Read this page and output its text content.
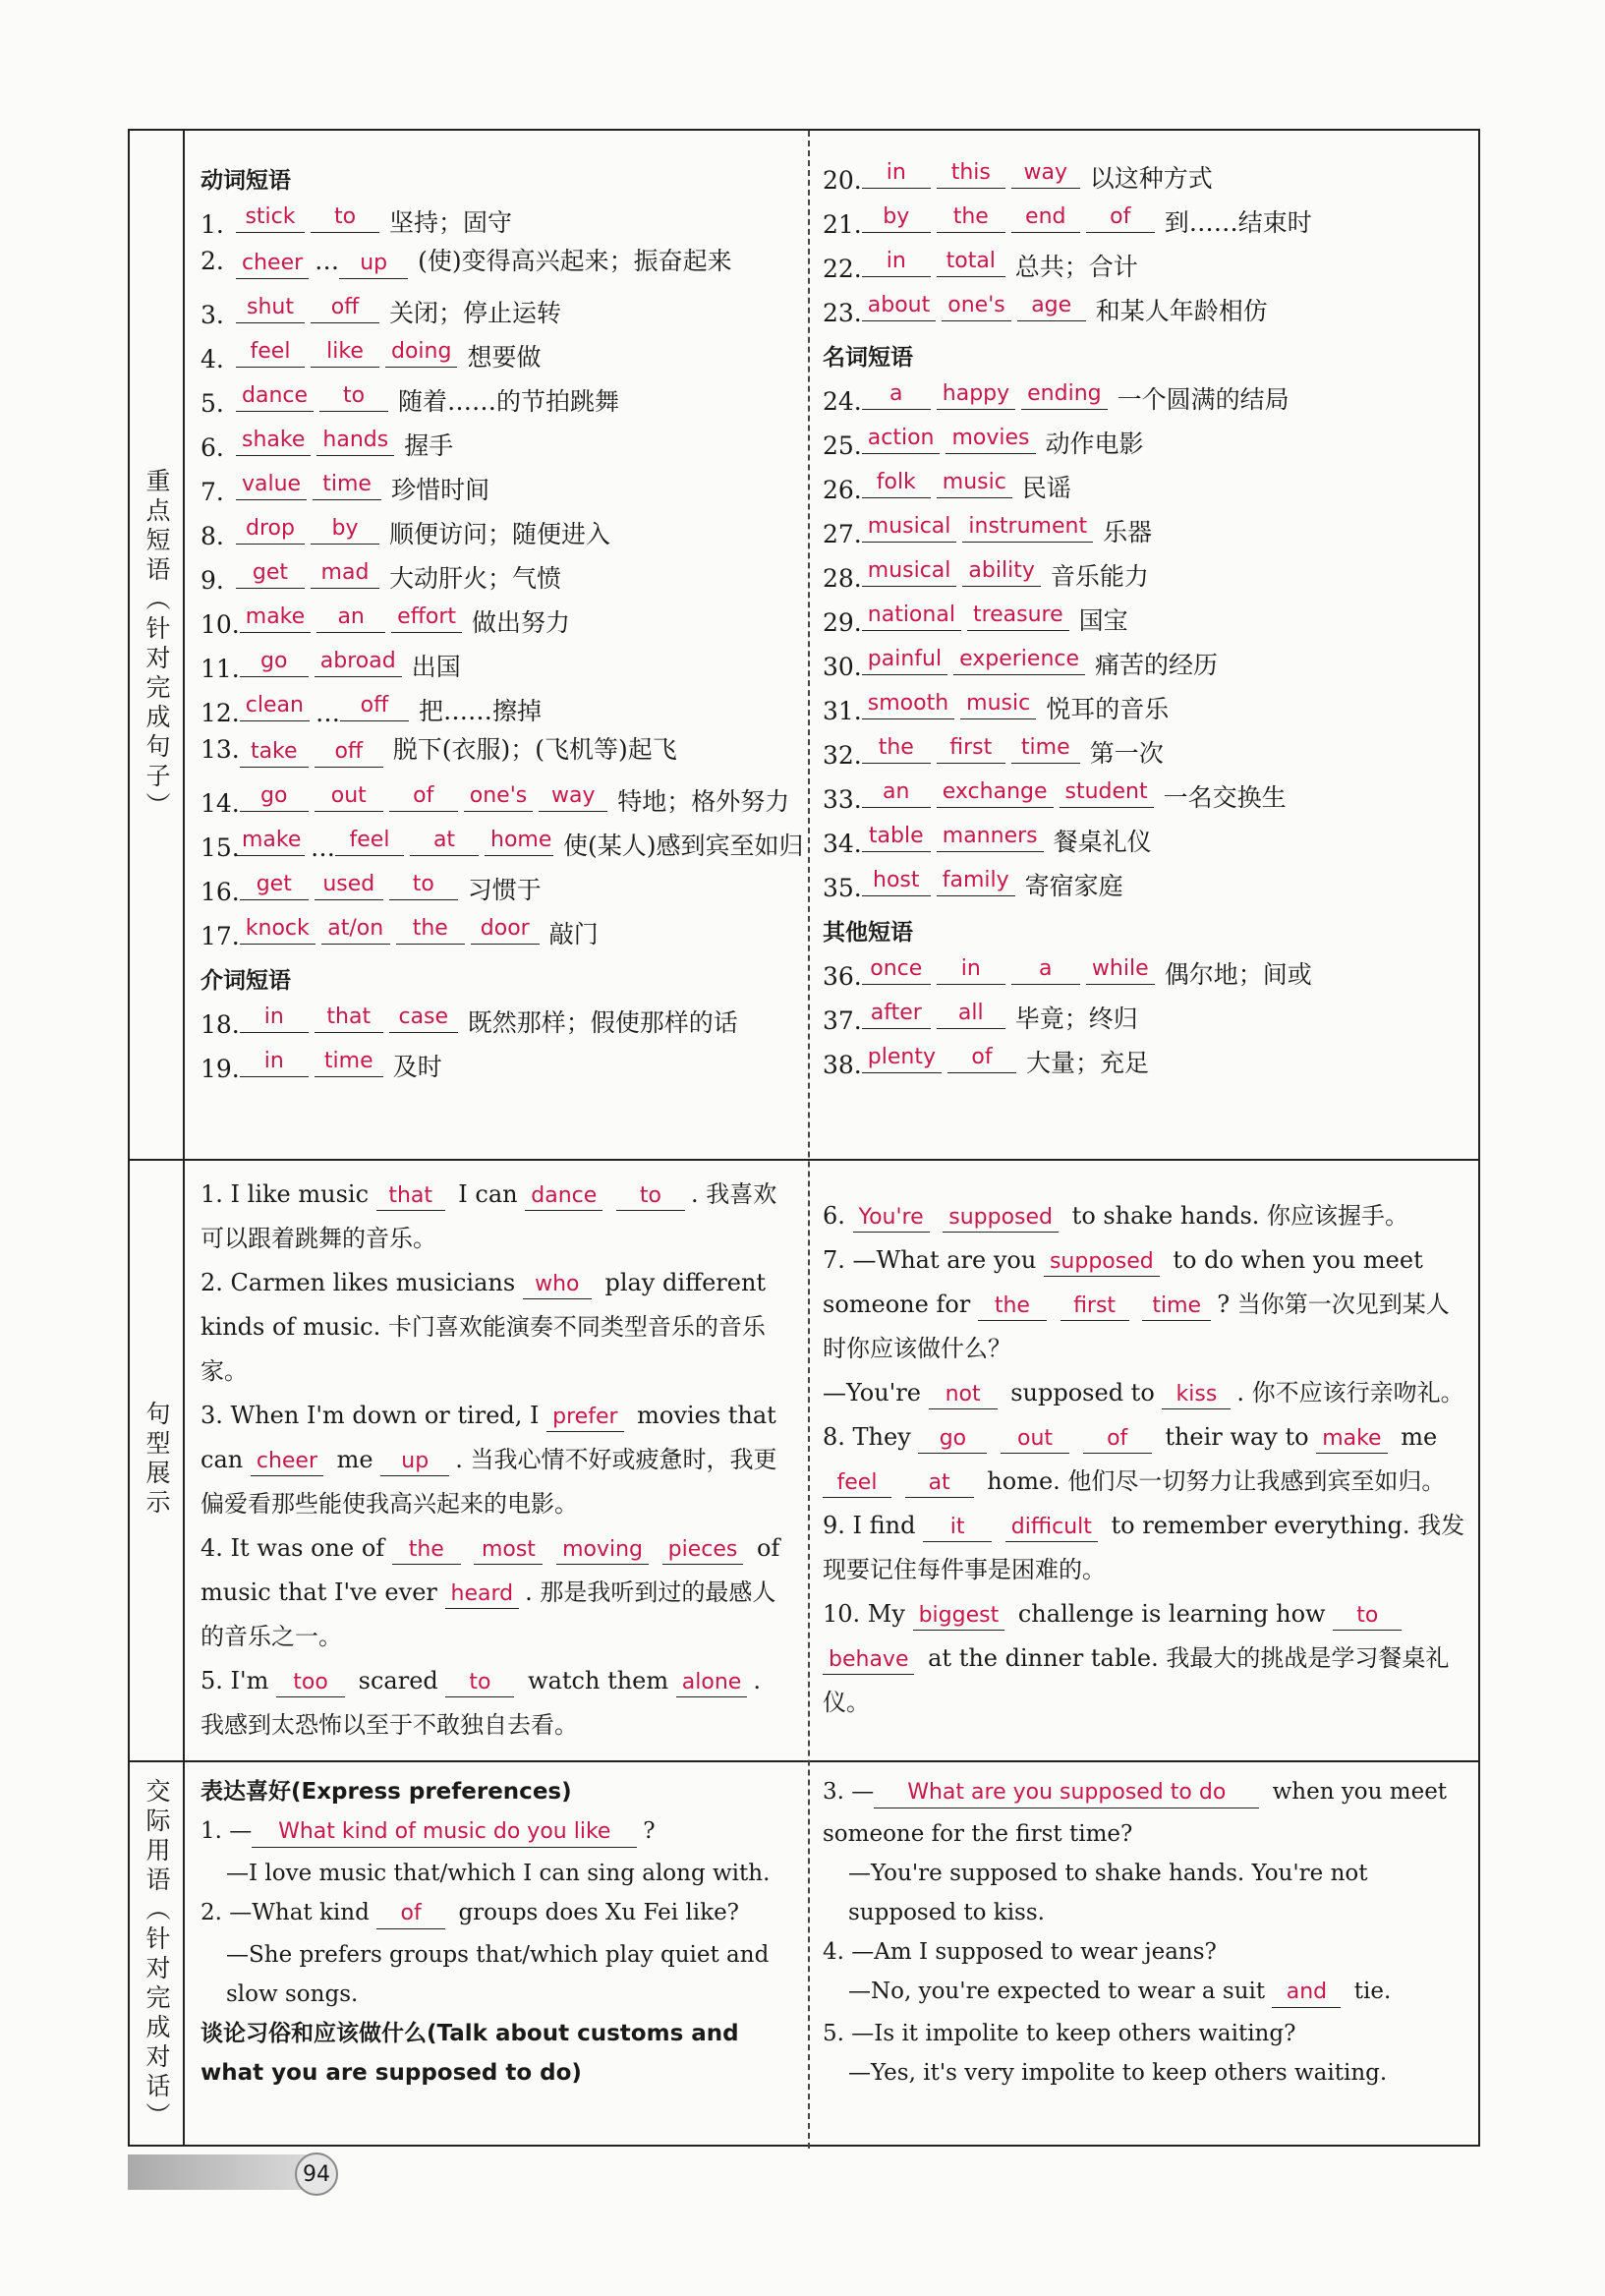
重点短语（针对完成句子）
句型展示
交际用语（针对完成对话）
动词短语
1. stick	to	坚持；固守
2. cheer … up (使)变得高兴起来；振奋起来
3.	shut	off	关闭；停止运转
4.	feel	like	doing 想要做
5. dance	to	随着……的节拍跳舞
6. shake hands 握手
7. value	time 珍惜时间
8.	drop	by	顺便访问；随便进入
9.	get	mad 大动肝火；气愤
10. make	an	effort 做出努力
11. go	abroad 出国
12. clean … off	把……擦掉
13. take off 脱下(衣服)；(飞机等)起飞
14. go	out	of	one's	way 特地；格外努力
15. make … feel	at	home 使(某人)感到宾至如归
16. get	used	to	习惯于
17. knock at/on	the	door 敲门
介词短语
18.	in	that	case 既然那样；假使那样的话
19.	in	time 及时
20.	in	this	way 以这种方式
21. by	the	end	of	到……结束时
22.	in	total 总共；合计
23. about one's	age 和某人年龄相仿
名词短语
24.	a	happy ending 一个圆满的结局
25. action movies 动作电影
26. folk	music 民谣
27. musical instrument 乐器
28. musical ability 音乐能力
29. national treasure 国宝
30. painful experience 痛苦的经历
31. smooth music 悦耳的音乐
32. the	first	time 第一次
33. an	exchange student 一名交换生
34. table manners 餐桌礼仪
35. host	family 寄宿家庭
其他短语
36. once	in	a	while 偶尔地；间或
37. after	all	毕竟；终归
38. plenty	of	大量；充足
1. I like music that I can dance to . 我喜欢可以跟着跳舞的音乐。
2. Carmen likes musicians who play different kinds of music. 卡门喜欢能演奏不同类型音乐的音乐家。
3. When I'm down or tired, I prefer movies that can cheer me up . 当我心情不好或疲惫时，我更偏爱看那些能使我高兴起来的电影。
4. It was one of the most moving pieces of music that I've ever heard . 那是我听到过的最感人的音乐之一。
5. I'm too scared to watch them alone . 我感到太恐怖以至于不敢独自去看。
6. You're supposed to shake hands. 你应该握手。
7. —What are you supposed to do when you meet someone for the first time ? 当你第一次见到某人时你应该做什么？
—You're not supposed to kiss . 你不应该行亲吻礼。
8. They go out	of their way to make me feel at home. 他们尽一切努力让我感到宾至如归。
9. I find it difficult to remember everything. 我发现要记住每件事是困难的。
10. My biggest challenge is learning how to behave at the dinner table. 我最大的挑战是学习餐桌礼仪。
表达喜好(Express preferences)
1. — What kind of music do you like ?
—I love music that/which I can sing along with.
2. —What kind of groups does Xu Fei like?
—She prefers groups that/which play quiet and slow songs.
谈论习俗和应该做什么(Talk about customs and what you are supposed to do)
3. — What are you supposed to do when you meet someone for the first time?
—You're supposed to shake hands. You're not supposed to kiss.
4. —Am I supposed to wear jeans?
—No, you're expected to wear a suit and tie.
5. —Is it impolite to keep others waiting?
—Yes, it's very impolite to keep others waiting.
94
